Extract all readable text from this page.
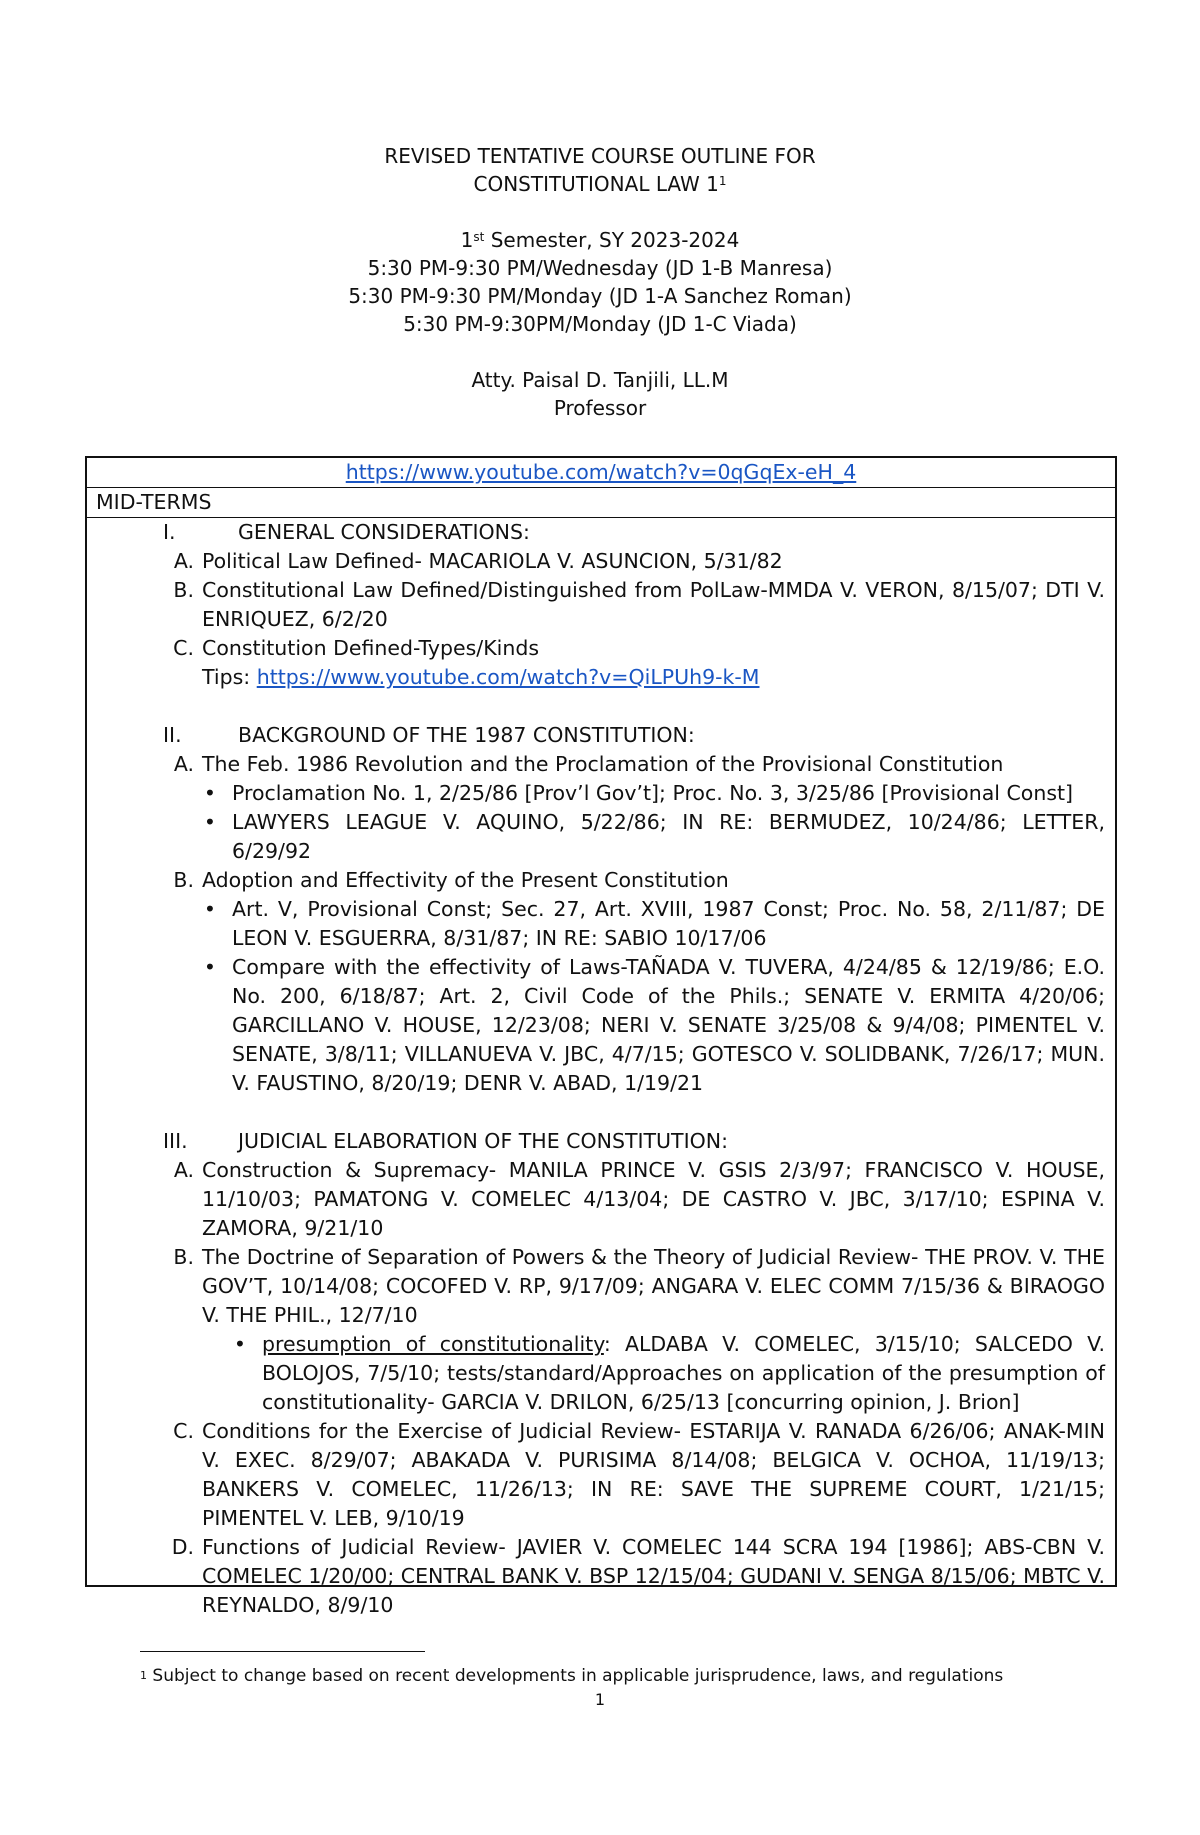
REVISED TENTATIVE COURSE OUTLINE FOR
CONSTITUTIONAL LAW $1^1$
1st Semester, SY 2023-2024
5:30 PM-9:30 PM/Wednesday (JD 1-B Manresa)
5:30 PM-9:30 PM/Monday (JD 1-A Sanchez Roman)
5:30 PM-9:30PM/Monday (JD 1-C Viada)
Atty. Paisal D. Tanjili, LL.M
Professor
https://www.youtube.com/watch?v=0qGqEx-eH_4
MID-TERMS
I.	GENERAL CONSIDERATIONS:
A. Political Law Defined- MACARIOLA V. ASUNCION, 5/31/82
B. Constitutional Law Defined/Distinguished from PolLaw-MMDA V. VERON, 8/15/07; DTI V. ENRIQUEZ, 6/2/20
C. Constitution Defined-Types/Kinds
Tips: https://www.youtube.com/watch?v=QiLPUh9-k-M
II.	BACKGROUND OF THE 1987 CONSTITUTION:
A. The Feb. 1986 Revolution and the Proclamation of the Provisional Constitution
• Proclamation No. 1, 2/25/86 [Prov’l Gov’t]; Proc. No. 3, 3/25/86 [Provisional Const]
• LAWYERS LEAGUE V. AQUINO, 5/22/86; IN RE: BERMUDEZ, 10/24/86; LETTER, 6/29/92
B. Adoption and Effectivity of the Present Constitution
• Art. V, Provisional Const; Sec. 27, Art. XVIII, 1987 Const; Proc. No. 58, 2/11/87; DE LEON V. ESGUERRA, 8/31/87; IN RE: SABIO 10/17/06
• Compare with the effectivity of Laws-TAÑADA V. TUVERA, 4/24/85 & 12/19/86; E.O. No. 200, 6/18/87; Art. 2, Civil Code of the Phils.; SENATE V. ERMITA 4/20/06; GARCILLANO V. HOUSE, 12/23/08; NERI V. SENATE 3/25/08 & 9/4/08; PIMENTEL V. SENATE, 3/8/11; VILLANUEVA V. JBC, 4/7/15; GOTESCO V. SOLIDBANK, 7/26/17; MUN. V. FAUSTINO, 8/20/19; DENR V. ABAD, 1/19/21
III.	JUDICIAL ELABORATION OF THE CONSTITUTION:
A. Construction & Supremacy- MANILA PRINCE V. GSIS 2/3/97; FRANCISCO V. HOUSE, 11/10/03; PAMATONG V. COMELEC 4/13/04; DE CASTRO V. JBC, 3/17/10; ESPINA V. ZAMORA, 9/21/10
B. The Doctrine of Separation of Powers & the Theory of Judicial Review- THE PROV. V. THE GOV’T, 10/14/08; COCOFED V. RP, 9/17/09; ANGARA V. ELEC COMM 7/15/36 & BIRAOGO V. THE PHIL., 12/7/10
• presumption of constitutionality: ALDABA V. COMELEC, 3/15/10; SALCEDO V. BOLOJOS, 7/5/10; tests/standard/Approaches on application of the presumption of constitutionality- GARCIA V. DRILON, 6/25/13 [concurring opinion, J. Brion]
C. Conditions for the Exercise of Judicial Review- ESTARIJA V. RANADA 6/26/06; ANAK-MIN V. EXEC. 8/29/07; ABAKADA V. PURISIMA 8/14/08; BELGICA V. OCHOA, 11/19/13; BANKERS V. COMELEC, 11/26/13; IN RE: SAVE THE SUPREME COURT, 1/21/15; PIMENTEL V. LEB, 9/10/19
D. Functions of Judicial Review- JAVIER V. COMELEC 144 SCRA 194 [1986]; ABS-CBN V. COMELEC 1/20/00; CENTRAL BANK V. BSP 12/15/04; GUDANI V. SENGA 8/15/06; MBTC V. REYNALDO, 8/9/10
$^1$ Subject to change based on recent developments in applicable jurisprudence, laws, and regulations
1
